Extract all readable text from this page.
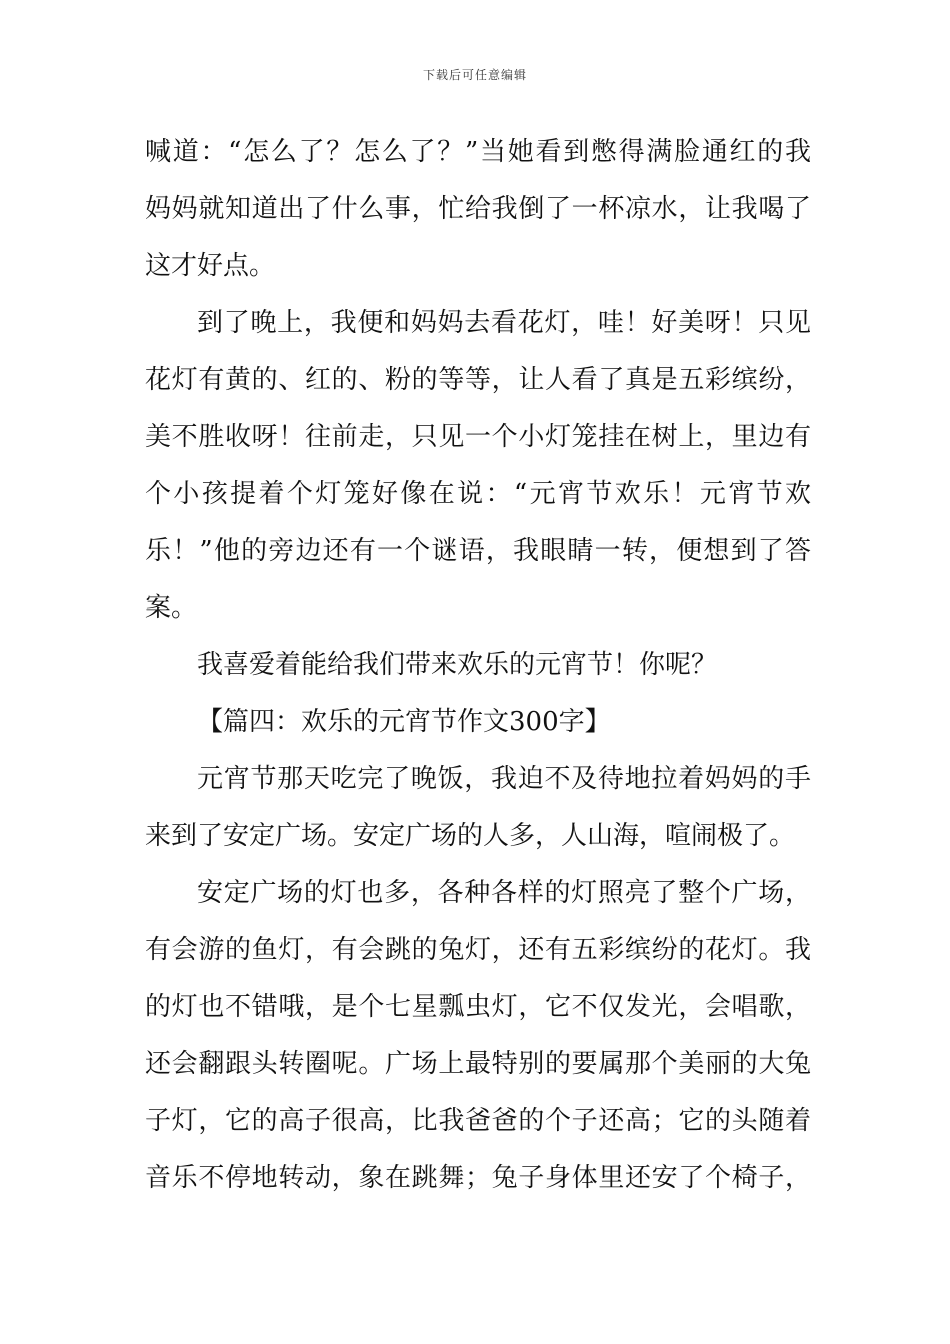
下载后可任意编辑
喊道：“怎么了？怎么了？”当她看到憋得满脸通红的我
妈妈就知道出了什么事，忙给我倒了一杯凉水，让我喝了
这才好点。
到了晚上，我便和妈妈去看花灯，哇！好美呀！只见
花灯有黄的、红的、粉的等等，让人看了真是五彩缤纷，
美不胜收呀！往前走，只见一个小灯笼挂在树上，里边有
个小孩提着个灯笼好像在说：“元宵节欢乐！元宵节欢
乐！”他的旁边还有一个谜语，我眼睛一转，便想到了答
案。
我喜爱着能给我们带来欢乐的元宵节！你呢？
【篇四：欢乐的元宵节作文300字】
元宵节那天吃完了晚饭，我迫不及待地拉着妈妈的手
来到了安定广场。安定广场的人多，人山海，喧闹极了。
安定广场的灯也多，各种各样的灯照亮了整个广场，
有会游的鱼灯，有会跳的兔灯，还有五彩缤纷的花灯。我
的灯也不错哦，是个七星瓢虫灯，它不仅发光，会唱歌，
还会翻跟头转圈呢。广场上最特别的要属那个美丽的大兔
子灯，它的高子很高，比我爸爸的个子还高；它的头随着
音乐不停地转动，象在跳舞；兔子身体里还安了个椅子，
